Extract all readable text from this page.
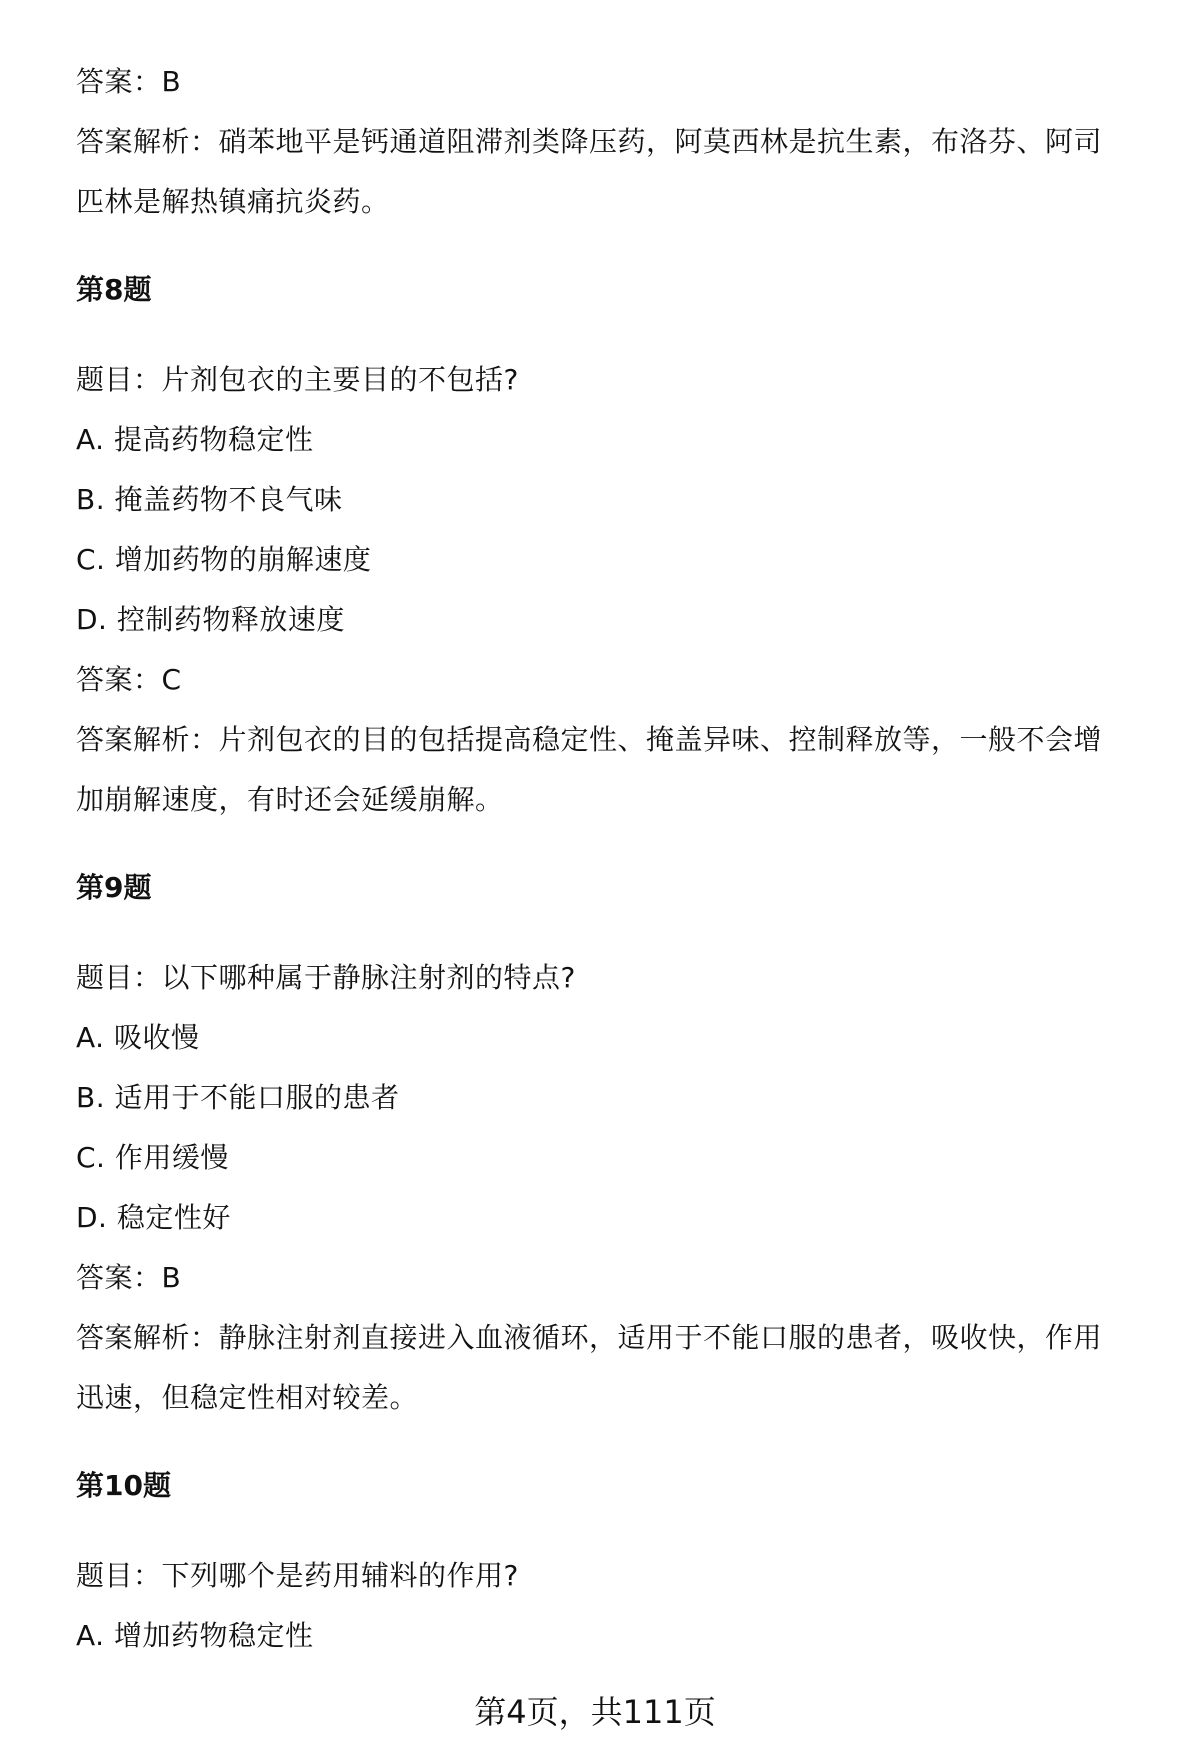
答案：B
答案解析：硝苯地平是钙通道阻滞剂类降压药，阿莫西林是抗生素，布洛芬、阿司
匹林是解热镇痛抗炎药。
第8题
题目：片剂包衣的主要目的不包括?
A. 提高药物稳定性
B. 掩盖药物不良气味
C. 增加药物的崩解速度
D. 控制药物释放速度
答案：C
答案解析：片剂包衣的目的包括提高稳定性、掩盖异味、控制释放等，一般不会增
加崩解速度，有时还会延缓崩解。
第9题
题目：以下哪种属于静脉注射剂的特点?
A. 吸收慢
B. 适用于不能口服的患者
C. 作用缓慢
D. 稳定性好
答案：B
答案解析：静脉注射剂直接进入血液循环，适用于不能口服的患者，吸收快，作用
迅速，但稳定性相对较差。
第10题
题目：下列哪个是药用辅料的作用?
A. 增加药物稳定性
第4页，共111页
